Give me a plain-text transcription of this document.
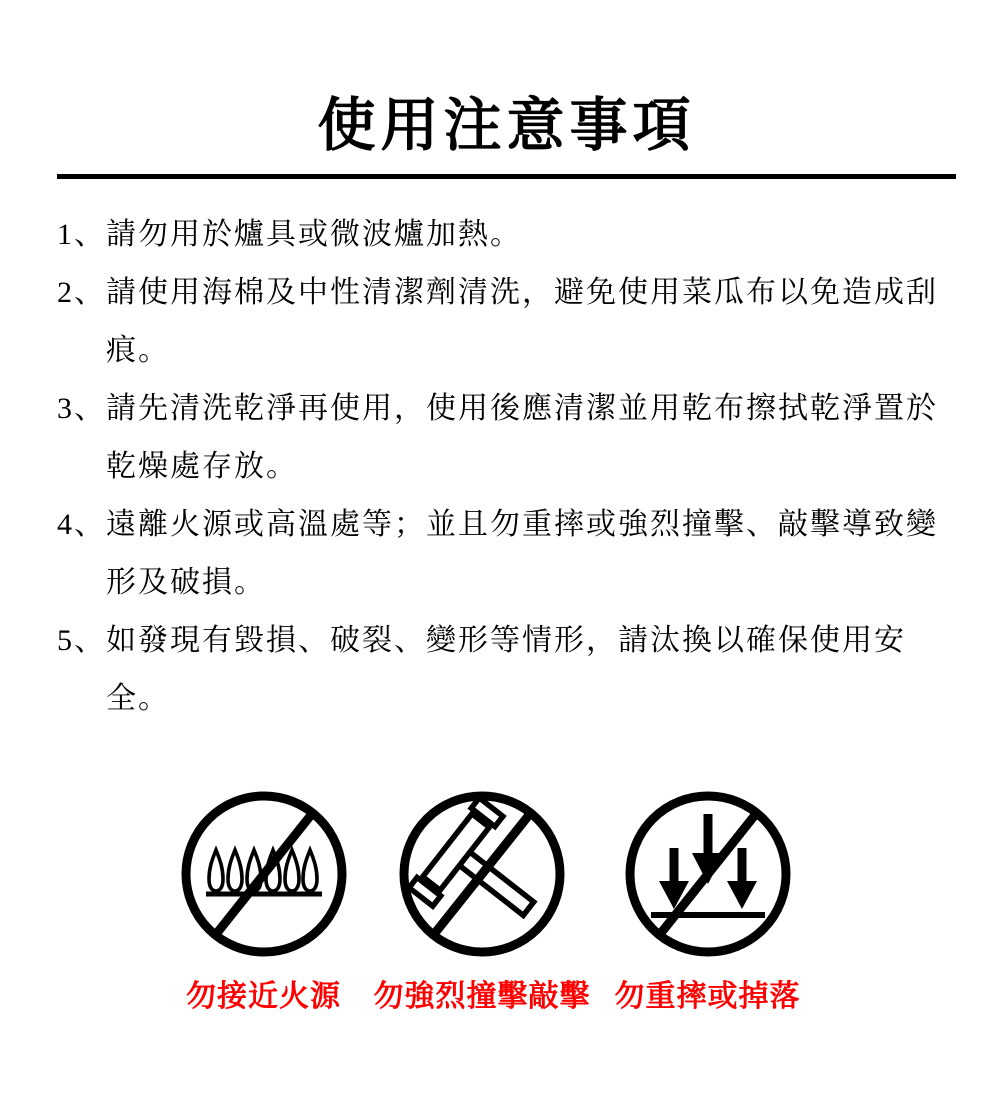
使用注意事項
1、 請勿用於爐具或微波爐加熱。
2、 請使用海棉及中性清潔劑清洗，避免使用菜瓜布以免造成刮痕。
3、 請先清洗乾淨再使用，使用後應清潔並用乾布擦拭乾淨置於乾燥處存放。
4、 遠離火源或高溫處等；並且勿重摔或強烈撞擊、敲擊導致變形及破損。
5、 如發現有毀損、破裂、變形等情形，請汰換以確保使用安全。
勿接近火源 勿強烈撞擊敲擊 勿重摔或掉落
